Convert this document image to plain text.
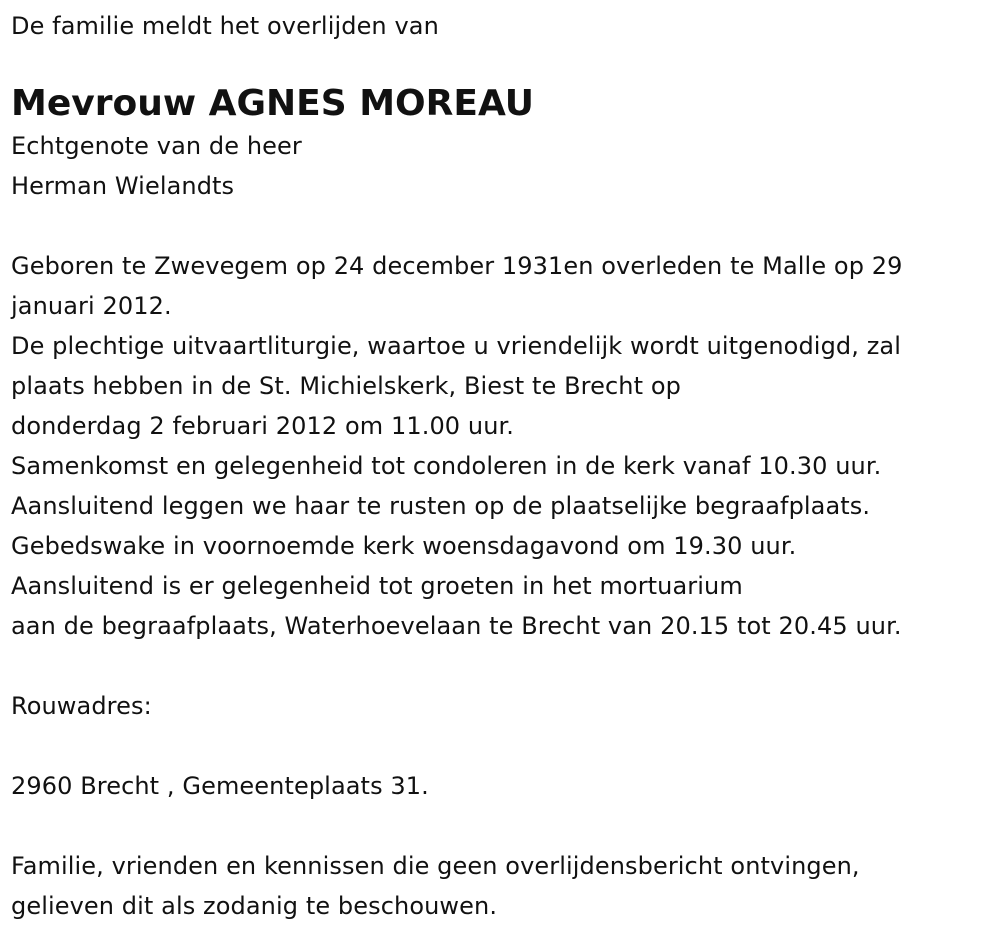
De familie meldt het overlijden van
Mevrouw AGNES MOREAU
Echtgenote van de heer
Herman Wielandts
Geboren te Zwevegem op 24 december 1931en overleden te Malle op 29
januari 2012.
De plechtige uitvaartliturgie, waartoe u vriendelijk wordt uitgenodigd, zal
plaats hebben in de St. Michielskerk, Biest te Brecht op
donderdag 2 februari 2012 om 11.00 uur.
Samenkomst en gelegenheid tot condoleren in de kerk vanaf 10.30 uur.
Aansluitend leggen we haar te rusten op de plaatselijke begraafplaats.
Gebedswake in voornoemde kerk woensdagavond om 19.30 uur.
Aansluitend is er gelegenheid tot groeten in het mortuarium
aan de begraafplaats, Waterhoevelaan te Brecht van 20.15 tot 20.45 uur.
Rouwadres:
2960 Brecht , Gemeenteplaats 31.
Familie, vrienden en kennissen die geen overlijdensbericht ontvingen,
gelieven dit als zodanig te beschouwen.
